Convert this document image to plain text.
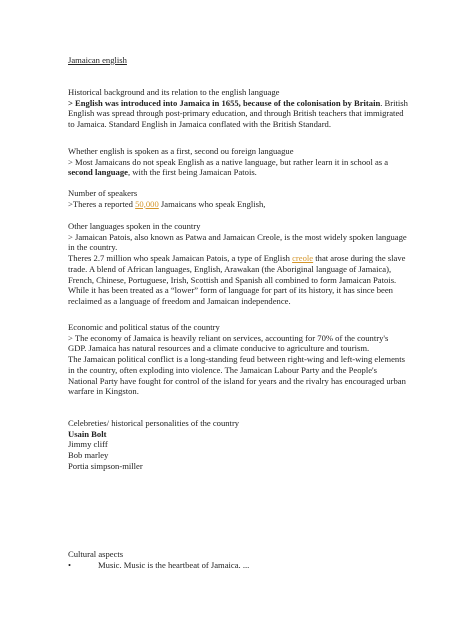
Jamaican english
Historical background and its relation to the english language
> English was introduced into Jamaica in 1655, because of the colonisation by Britain. British English was spread through post-primary education, and through British teachers that immigrated to Jamaica. Standard English in Jamaica conflated with the British Standard.
Whether english is spoken as a first, second ou foreign languague
> Most Jamaicans do not speak English as a native language, but rather learn it in school as a second language, with the first being Jamaican Patois.
Number of speakers
>Theres a reported 50,000 Jamaicans who speak English,
Other languages spoken in the country
> Jamaican Patois, also known as Patwa and Jamaican Creole, is the most widely spoken language in the country.
Theres 2.7 million who speak Jamaican Patois, a type of English creole that arose during the slave trade. A blend of African languages, English, Arawakan (the Aboriginal language of Jamaica), French, Chinese, Portuguese, Irish, Scottish and Spanish all combined to form Jamaican Patois. While it has been treated as a “lower” form of language for part of its history, it has since been reclaimed as a language of freedom and Jamaican independence.
Economic and political status of the country
> The economy of Jamaica is heavily reliant on services, accounting for 70% of the country's GDP. Jamaica has natural resources and a climate conducive to agriculture and tourism.
The Jamaican political conflict is a long-standing feud between right-wing and left-wing elements in the country, often exploding into violence. The Jamaican Labour Party and the People's National Party have fought for control of the island for years and the rivalry has encouraged urban warfare in Kingston.
Celebreties/ historical personalities of the country
Usain Bolt
Jimmy cliff
Bob marley
Portia simpson-miller
Cultural aspects
•	Music. Music is the heartbeat of Jamaica. ...
